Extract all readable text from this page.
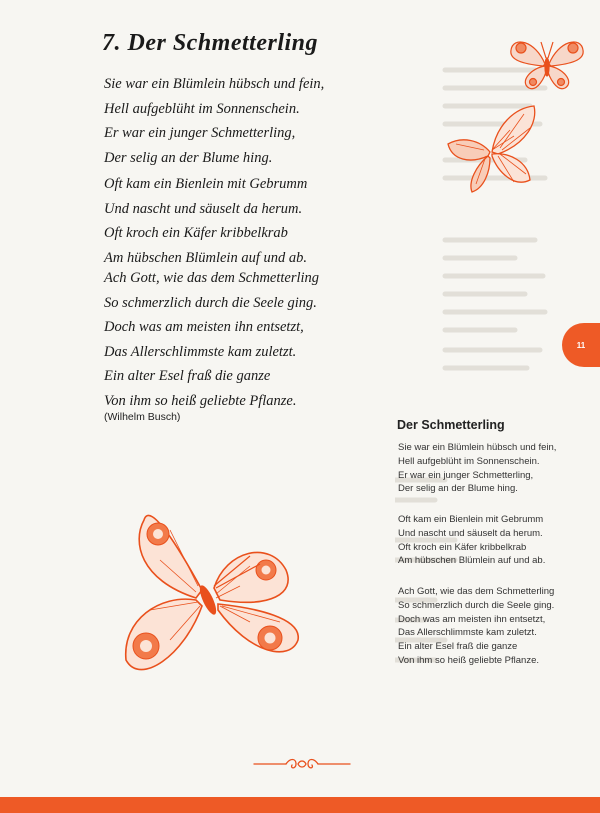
7. Der Schmetterling
Sie war ein Blümlein hübsch und fein,
Hell aufgeblüht im Sonnenschein.
Er war ein junger Schmetterling,
Der selig an der Blume hing.
Oft kam ein Bienlein mit Gebrumm
Und nascht und säuselt da herum.
Oft kroch ein Käfer kribbelkrab
Am hübschen Blümlein auf und ab.
Ach Gott, wie das dem Schmetterling
So schmerzlich durch die Seele ging.
Doch was am meisten ihn entsetzt,
Das Allerschlimmste kam zuletzt.
Ein alter Esel fraß die ganze
Von ihm so heiß geliebte Pflanze.
(Wilhelm Busch)
Der Schmetterling
Sie war ein Blümlein hübsch und fein,
Hell aufgeblüht im Sonnenschein.
Er war ein junger Schmetterling,
Der selig an der Blume hing.
Oft kam ein Bienlein mit Gebrumm
Und nascht und säuselt da herum.
Oft kroch ein Käfer kribbelkrab
Am hübschen Blümlein auf und ab.
Ach Gott, wie das dem Schmetterling
So schmerzlich durch die Seele ging.
Doch was am meisten ihn entsetzt,
Das Allerschlimmste kam zuletzt.
Ein alter Esel fraß die ganze
Von ihm so heiß geliebte Pflanze.
11
